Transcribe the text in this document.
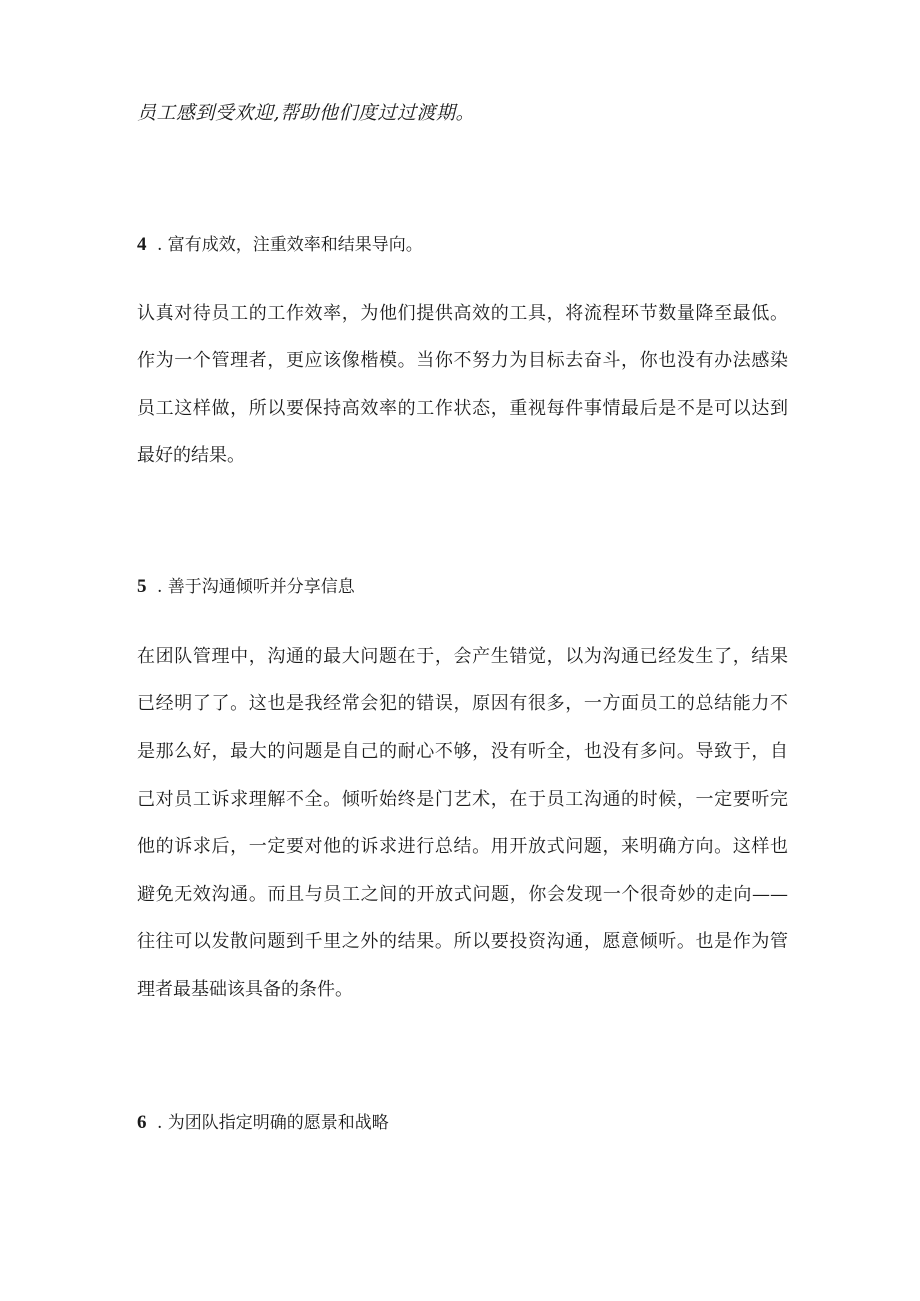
员工感到受欢迎,帮助他们度过过渡期。
4 . 富有成效，注重效率和结果导向。
认真对待员工的工作效率，为他们提供高效的工具，将流程环节数量降至最低。
作为一个管理者，更应该像楷模。当你不努力为目标去奋斗，你也没有办法感染
员工这样做，所以要保持高效率的工作状态，重视每件事情最后是不是可以达到
最好的结果。
5 . 善于沟通倾听并分享信息
在团队管理中，沟通的最大问题在于，会产生错觉，以为沟通已经发生了，结果
已经明了了。这也是我经常会犯的错误，原因有很多，一方面员工的总结能力不
是那么好，最大的问题是自己的耐心不够，没有听全，也没有多问。导致于，自
己对员工诉求理解不全。倾听始终是门艺术，在于员工沟通的时候，一定要听完
他的诉求后，一定要对他的诉求进行总结。用开放式问题，来明确方向。这样也
避免无效沟通。而且与员工之间的开放式问题，你会发现一个很奇妙的走向——
往往可以发散问题到千里之外的结果。所以要投资沟通，愿意倾听。也是作为管
理者最基础该具备的条件。
6 . 为团队指定明确的愿景和战略
